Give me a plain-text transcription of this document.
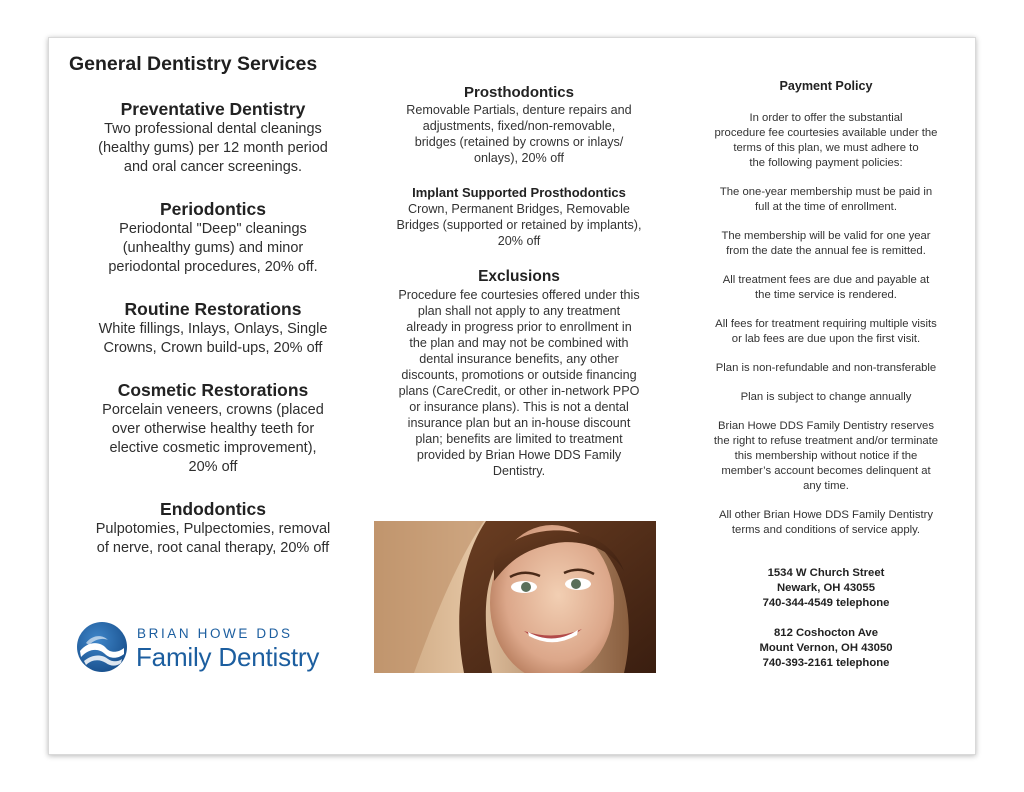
General Dentistry Services
Preventative Dentistry
Two professional dental cleanings
(healthy gums) per 12 month period
and oral cancer screenings.
Periodontics
Periodontal "Deep" cleanings
(unhealthy gums) and minor
periodontal procedures, 20% off.
Routine Restorations
White fillings, Inlays, Onlays, Single
Crowns, Crown build-ups, 20% off
Cosmetic Restorations
Porcelain veneers, crowns (placed
over otherwise healthy teeth for
elective cosmetic improvement),
20% off
Endodontics
Pulpotomies, Pulpectomies, removal
of nerve, root canal therapy, 20% off
BRIAN HOWE DDS
Family Dentistry
Prosthodontics
Removable Partials, denture repairs and
adjustments, fixed/non-removable,
bridges (retained by crowns or inlays/
onlays), 20% off
Implant Supported Prosthodontics
Crown, Permanent Bridges, Removable
Bridges (supported or retained by implants),
20% off
Exclusions
Procedure fee courtesies offered under this
plan shall not apply to any treatment
already in progress prior to enrollment in
the plan and may not be combined with
dental insurance benefits, any other
discounts, promotions or outside financing
plans (CareCredit, or other in-network PPO
or insurance plans). This is not a dental
insurance plan but an in-house discount
plan; benefits are limited to treatment
provided by Brian Howe DDS Family
Dentistry.
Payment Policy
In order to offer the substantial
procedure fee courtesies available under the
terms of this plan, we must adhere to
the following payment policies:
The one-year membership must be paid in
full at the time of enrollment.
The membership will be valid for one year
from the date the annual fee is remitted.
All treatment fees are due and payable at
the time service is rendered.
All fees for treatment requiring multiple visits
or lab fees are due upon the first visit.
Plan is non-refundable and non-transferable
Plan is subject to change annually
Brian Howe DDS Family Dentistry reserves
the right to refuse treatment and/or terminate
this membership without notice if the
member’s account becomes delinquent at
any time.
All other Brian Howe DDS Family Dentistry
terms and conditions of service apply.
1534 W Church Street
Newark, OH 43055
740-344-4549 telephone
812 Coshocton Ave
Mount Vernon, OH 43050
740-393-2161 telephone
